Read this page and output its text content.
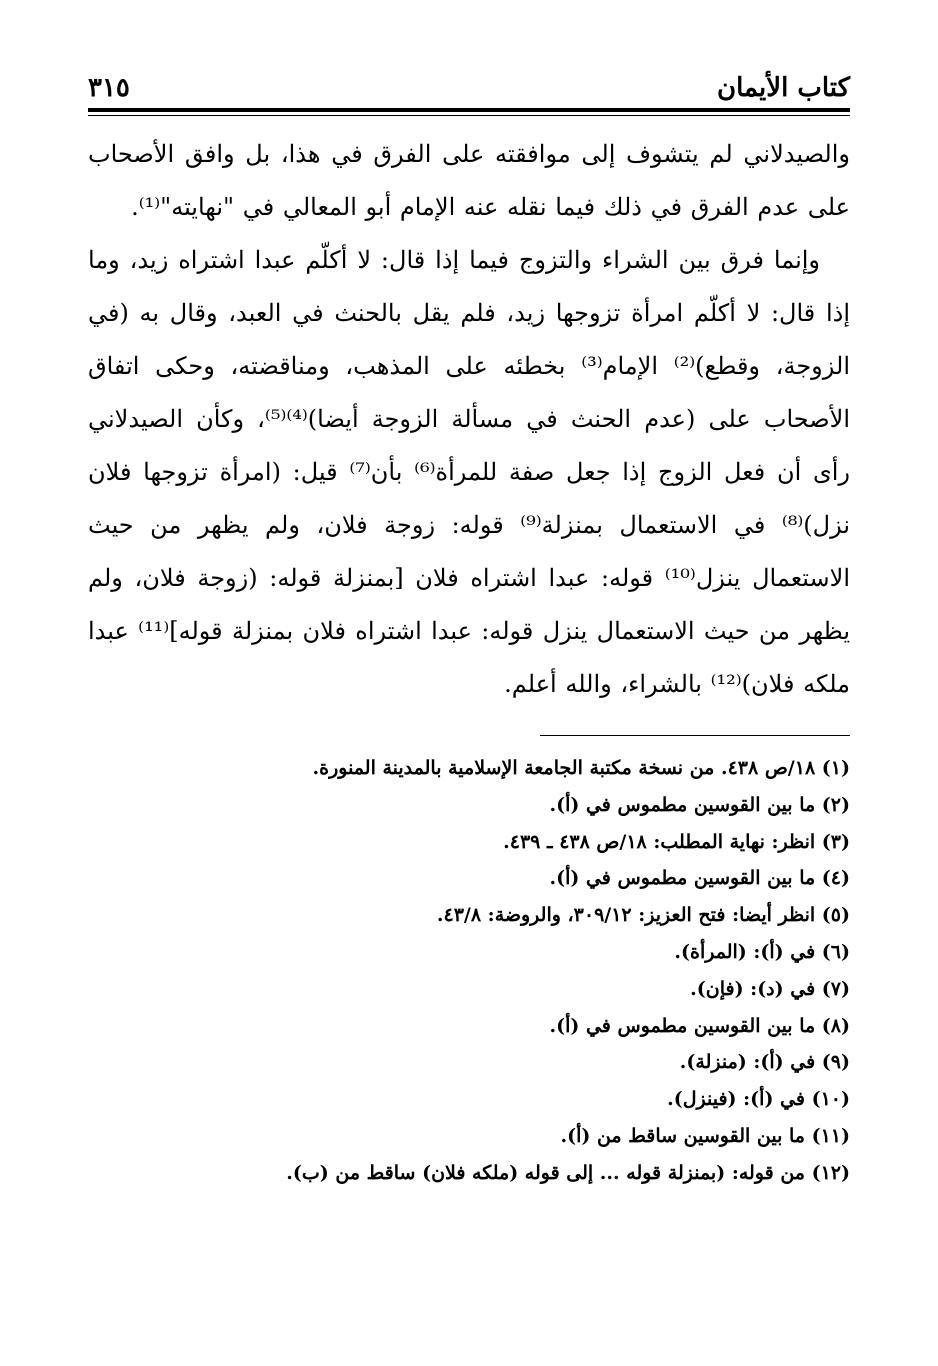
كتاب الأيمان
٣١٥

والصيدلاني لم يتشوف إلى موافقته على الفرق في هذا، بل وافق الأصحاب على عدم الفرق في ذلك فيما نقله عنه الإمام أبو المعالي في "نهايته"⁽¹⁾.

وإنما فرق بين الشراء والتزوج فيما إذا قال: لا أكلّم عبدا اشتراه زيد، وما إذا قال: لا أكلّم امرأة تزوجها زيد، فلم يقل بالحنث في العبد، وقال به (في الزوجة، وقطع)⁽²⁾ الإمام⁽³⁾ بخطئه على المذهب، ومناقضته، وحكى اتفاق الأصحاب على (عدم الحنث في مسألة الزوجة أيضا)⁽⁴⁾⁽⁵⁾، وكأن الصيدلاني رأى أن فعل الزوج إذا جعل صفة للمرأة⁽⁶⁾ بأن⁽⁷⁾ قيل: (امرأة تزوجها فلان نزل)⁽⁸⁾ في الاستعمال بمنزلة⁽⁹⁾ قوله: زوجة فلان، ولم يظهر من حيث الاستعمال ينزل⁽¹⁰⁾ قوله: عبدا اشتراه فلان [بمنزلة قوله: (زوجة فلان، ولم يظهر من حيث الاستعمال ينزل قوله: عبدا اشتراه فلان بمنزلة قوله]⁽¹¹⁾ عبدا ملكه فلان)⁽¹²⁾ بالشراء، والله أعلم.

(١) ١٨/ص ٤٣٨. من نسخة مكتبة الجامعة الإسلامية بالمدينة المنورة.
(٢) ما بين القوسين مطموس في (أ).
(٣) انظر: نهاية المطلب: ١٨/ص ٤٣٨ ـ ٤٣٩.
(٤) ما بين القوسين مطموس في (أ).
(٥) انظر أيضا: فتح العزيز: ٣٠٩/١٢، والروضة: ٤٣/٨.
(٦) في (أ): (المرأة).
(٧) في (د): (فإن).
(٨) ما بين القوسين مطموس في (أ).
(٩) في (أ): (منزلة).
(١٠) في (أ): (فينزل).
(١١) ما بين القوسين ساقط من (أ).
(١٢) من قوله: (بمنزلة قوله ... إلى قوله (ملكه فلان) ساقط من (ب).
